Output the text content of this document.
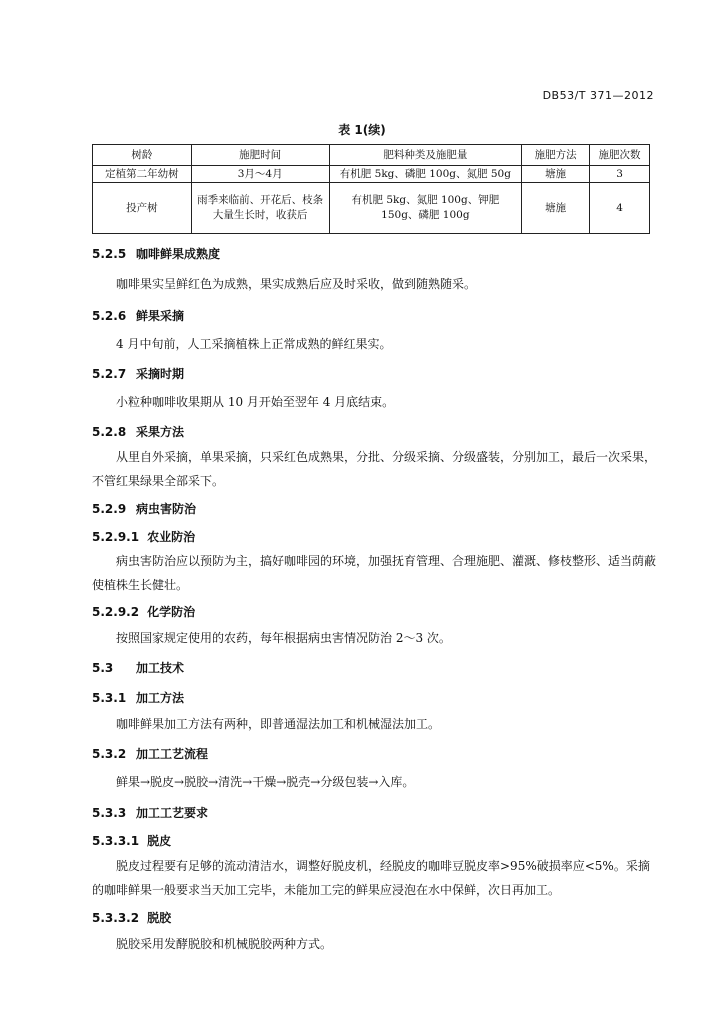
DB53/T 371—2012
表 1(续)
树龄	施肥时间	肥料种类及施肥量	施肥方法	施肥次数
定植第二年幼树	3月～4月	有机肥 5kg、磷肥 100g、氮肥 50g	塘施	3
投产树	雨季来临前、开花后、枝条大量生长时，收获后	有机肥 5kg、氮肥 100g、钾肥 150g、磷肥 100g	塘施	4
5.2.5 咖啡鲜果成熟度
咖啡果实呈鲜红色为成熟，果实成熟后应及时采收，做到随熟随采。
5.2.6 鲜果采摘
4 月中旬前，人工采摘植株上正常成熟的鲜红果实。
5.2.7 采摘时期
小粒种咖啡收果期从 10 月开始至翌年 4 月底结束。
5.2.8 采果方法
从里自外采摘，单果采摘，只采红色成熟果，分批、分级采摘、分级盛装，分别加工，最后一次采果，不管红果绿果全部采下。
5.2.9 病虫害防治
5.2.9.1 农业防治
病虫害防治应以预防为主，搞好咖啡园的环境，加强抚育管理、合理施肥、灌溉、修枝整形、适当荫蔽使植株生长健壮。
5.2.9.2 化学防治
按照国家规定使用的农药，每年根据病虫害情况防治 2～3 次。
5.3 加工技术
5.3.1 加工方法
咖啡鲜果加工方法有两种，即普通湿法加工和机械湿法加工。
5.3.2 加工工艺流程
鲜果→脱皮→脱胶→清洗→干燥→脱壳→分级包装→入库。
5.3.3 加工工艺要求
5.3.3.1 脱皮
脱皮过程要有足够的流动清洁水，调整好脱皮机，经脱皮的咖啡豆脱皮率>95%破损率应<5%。采摘的咖啡鲜果一般要求当天加工完毕，未能加工完的鲜果应浸泡在水中保鲜，次日再加工。
5.3.3.2 脱胶
脱胶采用发酵脱胶和机械脱胶两种方式。
